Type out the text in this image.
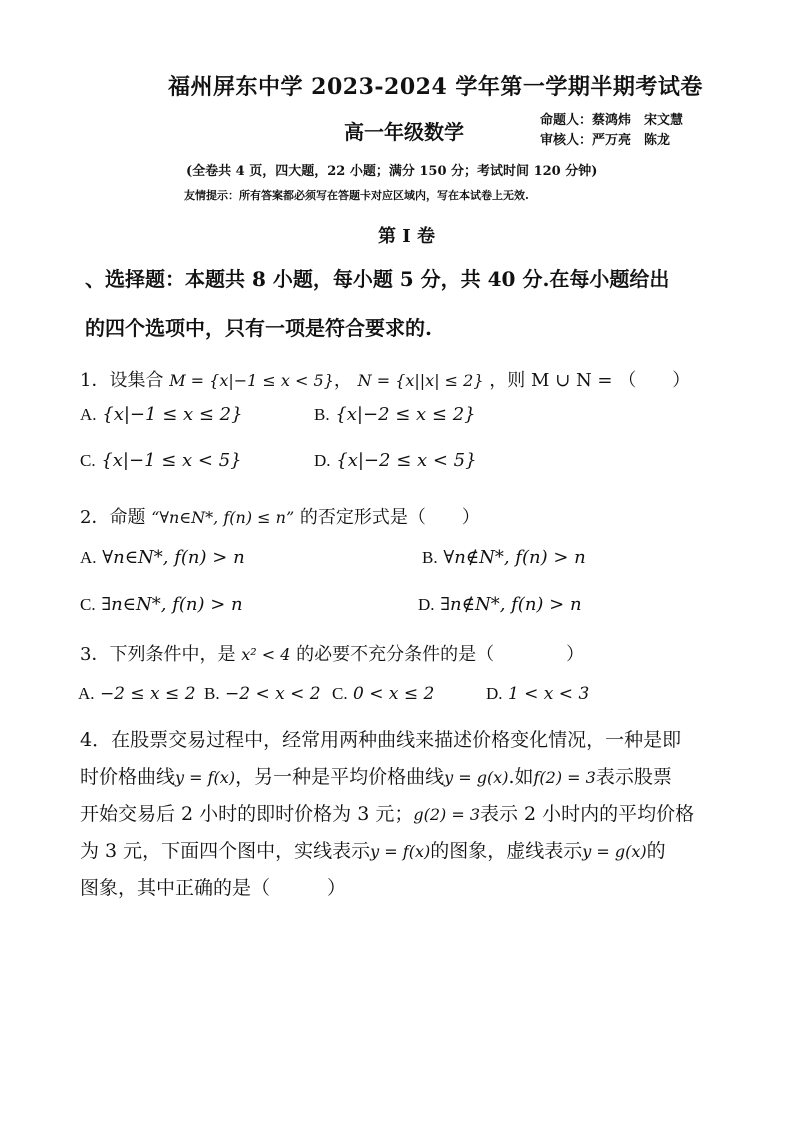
福州屏东中学 2023-2024 学年第一学期半期考试卷
高一年级数学	命题人：蔡鸿炜　宋文慧
审核人：严万亮　陈龙
(全卷共 4 页，四大题，22 小题；满分 150 分；考试时间 120 分钟)
友情提示：所有答案都必须写在答题卡对应区域内，写在本试卷上无效.
第 I 卷
、选择题：本题共 8 小题，每小题 5 分，共 40 分.在每小题给出
的四个选项中，只有一项是符合要求的.
1．设集合 M = {x|−1 ≤ x < 5}， N = {x||x| ≤ 2} ，则 M ∪ N = （　　）
A. {x|−1 ≤ x ≤ 2}	B. {x|−2 ≤ x ≤ 2}
C. {x|−1 ≤ x < 5}	D. {x|−2 ≤ x < 5}
2．命题 “∀n∈N*, f(n) ≤ n” 的否定形式是（　　）
A. ∀n∈N*, f(n) > n	B. ∀n∉N*, f(n) > n
C. ∃n∈N*, f(n) > n	D. ∃n∉N*, f(n) > n
3．下列条件中，是 x² < 4 的必要不充分条件的是（　　　　）
A. −2 ≤ x ≤ 2 B. −2 < x < 2 C. 0 < x ≤ 2	D. 1 < x < 3
4．在股票交易过程中，经常用两种曲线来描述价格变化情况，一种是即
时价格曲线y = f(x)，另一种是平均价格曲线y = g(x).如f(2) = 3表示股票
开始交易后 2 小时的即时价格为 3 元；g(2) = 3表示 2 小时内的平均价格
为 3 元，下面四个图中，实线表示y = f(x)的图象，虚线表示y = g(x)的
图象，其中正确的是（　　　）
